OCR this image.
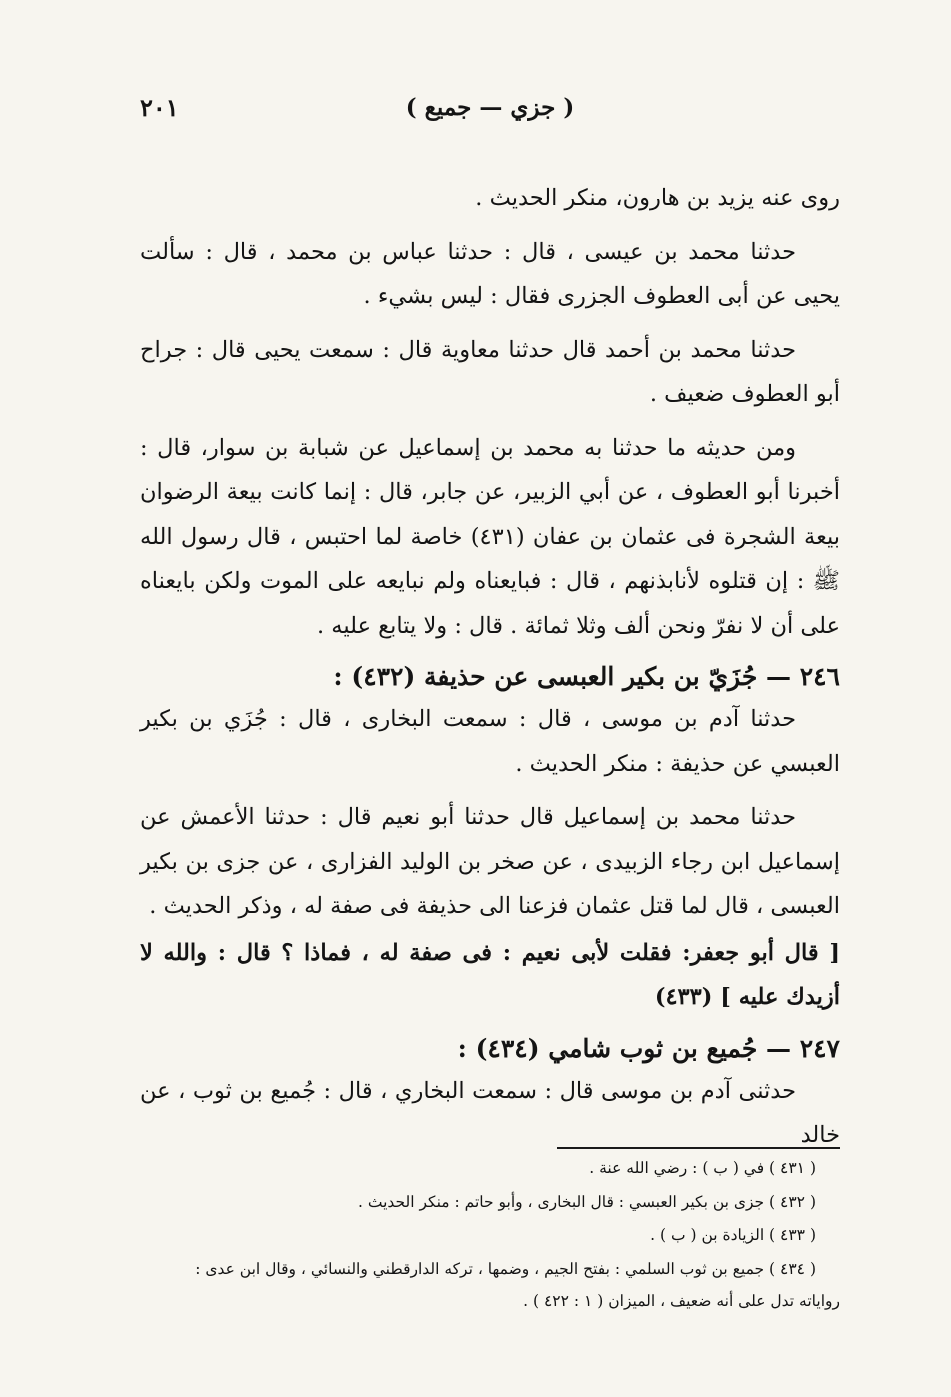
( جزي — جميع )
٢٠١

روى عنه يزيد بن هارون، منكر الحديث .

حدثنا محمد بن عيسى ، قال : حدثنا عباس بن محمد ، قال : سألت يحيى عن أبى العطوف الجزرى فقال : ليس بشيء .

حدثنا محمد بن أحمد قال حدثنا معاوية قال : سمعت يحيى قال : جراح أبو العطوف ضعيف .

ومن حديثه ما حدثنا به محمد بن إسماعيل عن شبابة بن سوار، قال : أخبرنا أبو العطوف ، عن أبي الزبير، عن جابر، قال : إنما كانت بيعة الرضوان بيعة الشجرة فى عثمان بن عفان (٤٣١) خاصة لما احتبس ، قال رسول الله ﷺ : إن قتلوه لأنابذنهم ، قال : فبايعناه ولم نبايعه على الموت ولكن بايعناه على أن لا نفرّ ونحن ألف وثلا ثمائة . قال : ولا يتابع عليه .

٢٤٦ — جُزَيّ بن بكير العبسى عن حذيفة (٤٣٢) :

حدثنا آدم بن موسى ، قال : سمعت البخارى ، قال : جُزَي بن بكير العبسي عن حذيفة : منكر الحديث .

حدثنا محمد بن إسماعيل قال حدثنا أبو نعيم قال : حدثنا الأعمش عن إسماعيل ابن رجاء الزبيدى ، عن صخر بن الوليد الفزارى ، عن جزى بن بكير العبسى ، قال لما قتل عثمان فزعنا الى حذيفة فى صفة له ، وذكر الحديث .

[ قال أبو جعفر: فقلت لأبى نعيم : فى صفة له ، فماذا ؟ قال : والله لا أزيدك عليه ] (٤٣٣)

٢٤٧ — جُميع بن ثوب شامي (٤٣٤) :

حدثنى آدم بن موسى قال : سمعت البخاري ، قال : جُميع بن ثوب ، عن خالد

( ٤٣١ ) في ( ب ) : رضي الله عنة .
( ٤٣٢ ) جزى بن بكير العبسي : قال البخارى ، وأبو حاتم : منكر الحديث .
( ٤٣٣ ) الزيادة بن ( ب ) .
( ٤٣٤ ) جميع بن ثوب السلمي : بفتح الجيم ، وضمها ، تركه الدارقطني والنسائي ، وقال ابن عدى :
رواياته تدل على أنه ضعيف ، الميزان ( ١ : ٤٢٢ ) .
